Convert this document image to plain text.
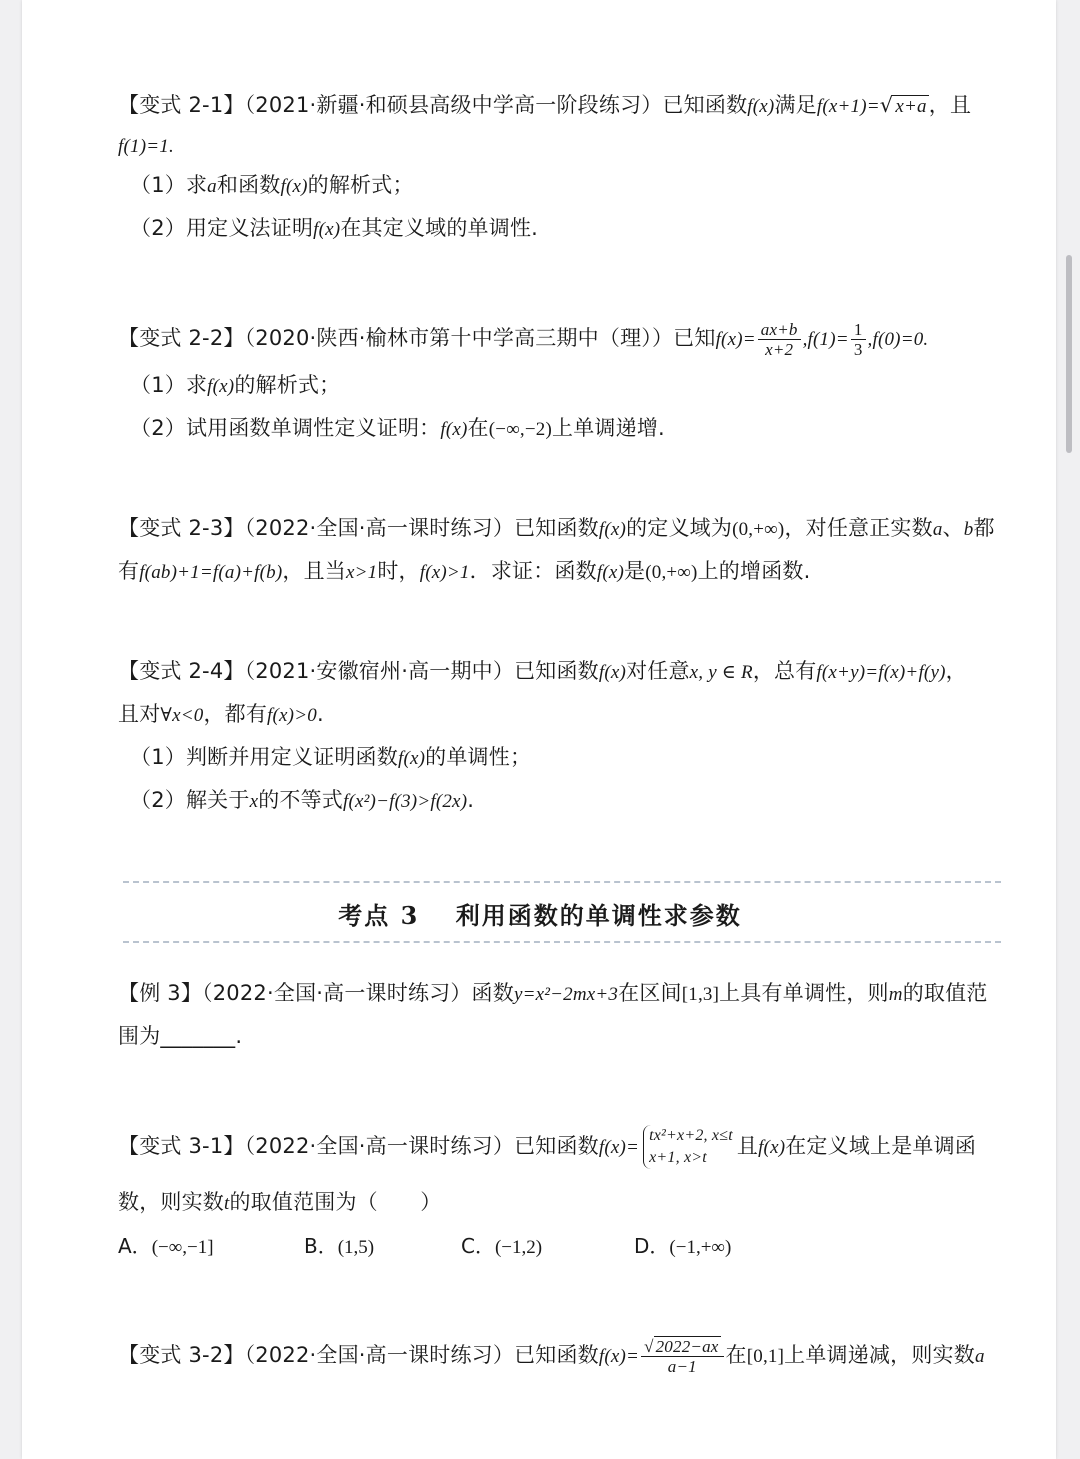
【变式 2-1】（2021·新疆·和硕县高级中学高一阶段练习）已知函数f(x)满足f(x+1)=√ x+a，且
f(1)=1.
（1）求a和函数f(x)的解析式；
（2）用定义法证明f(x)在其定义域的单调性.
【变式 2-2】（2020·陕西·榆林市第十中学高三期中（理））已知$f(x)= \frac{ax+b}{x+2} ,f(1)= \frac{1}{3} ,f(0)=0$.
（1）求f(x)的解析式；
（2）试用函数单调性定义证明：f(x)在(−∞,−2)上单调递增.
【变式 2-3】（2022·全国·高一课时练习）已知函数f(x)的定义域为(0,+∞)，对任意正实数a、b都
有f(ab)+1=f(a)+f(b)，且当x>1时，f(x)>1．求证：函数f(x)是(0,+∞)上的增函数.
【变式 2-4】（2021·安徽宿州·高一期中）已知函数f(x)对任意x, y ∈ R，总有f(x+y)=f(x)+f(y)，
且对∀x<0，都有f(x)>0.
（1）判断并用定义证明函数f(x)的单调性；
（2）解关于x的不等式f(x²)−f(3)>f(2x).
【例 3】（2022·全国·高一课时练习）函数y=x²−2mx+3在区间[1,3]上具有单调性，则m的取值范
围为_______.
【变式 3-1】（2022·全国·高一课时练习）已知函数f(x)=
tx²+x+2, x≤t
x+1, x>t	且f(x)在定义域上是单调函
数，则实数t的取值范围为（　　）
A．(−∞,−1]	B．(1,5)	C．(−1,2)	D．(−1,+∞)
【变式 3-2】（2022·全国·高一课时练习）已知函数$f(x)= \frac{√ 2022-ax}{a-1}$ 在[0,1]上单调递减，则实数a
考点 3　 利用函数的单调性求参数
